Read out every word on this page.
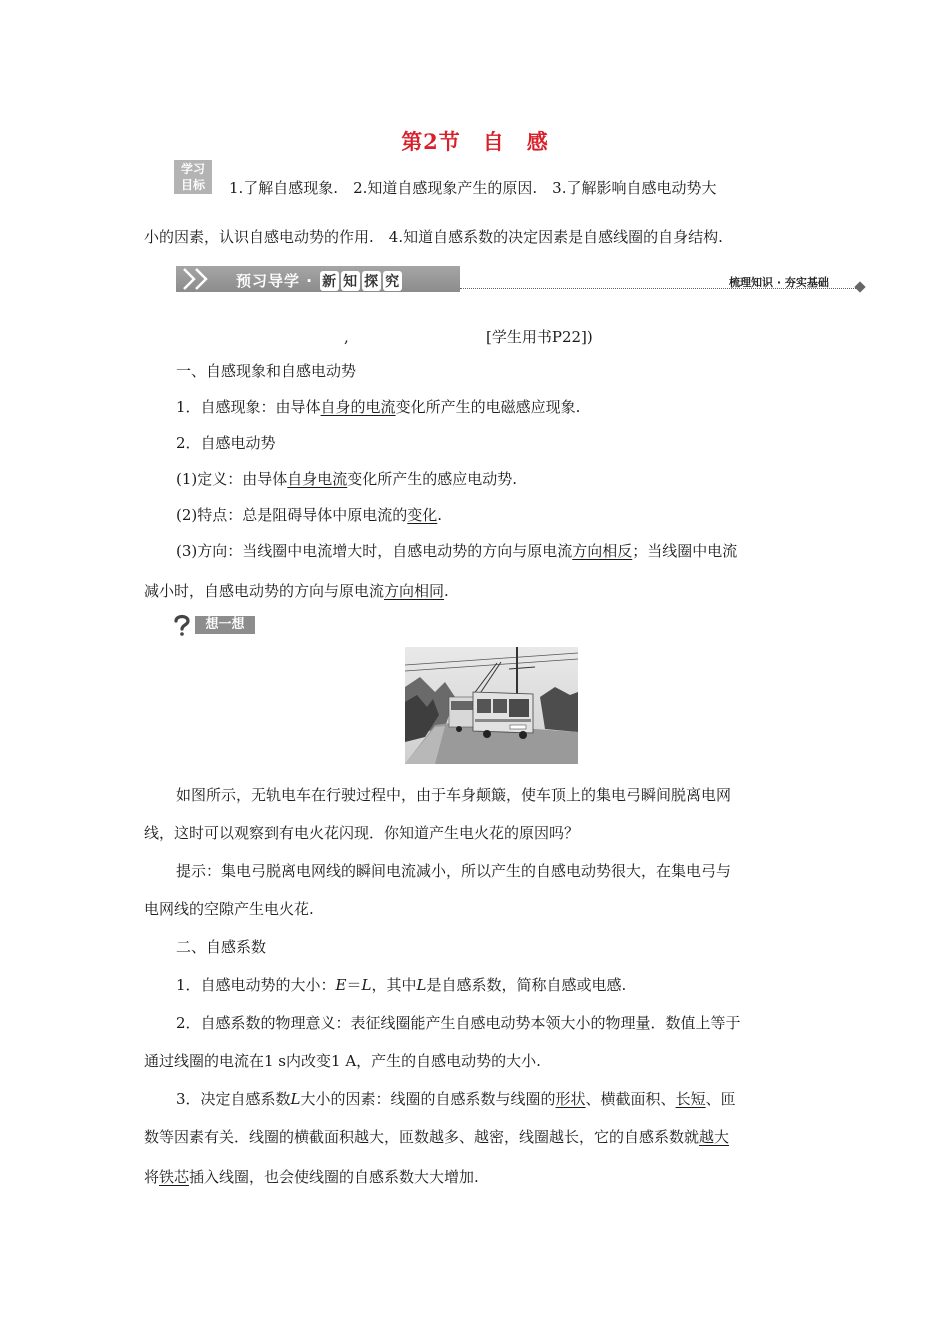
第2节　自　感
学习
目标	1.了解自感现象.　2.知道自感现象产生的原因.　3.了解影响自感电动势大
小的因素，认识自感电动势的作用.　4.知道自感系数的决定因素是自感线圈的自身结构.
预习导学 · 新 知 探 究	梳理知识 · 夯实基础
,	[学生用书P22])
一、自感现象和自感电动势
1．自感现象：由导体自身的电流变化所产生的电磁感应现象.
2．自感电动势
(1)定义：由导体自身电流变化所产生的感应电动势.
(2)特点：总是阻碍导体中原电流的变化.
(3)方向：当线圈中电流增大时，自感电动势的方向与原电流方向相反；当线圈中电流
减小时，自感电动势的方向与原电流方向相同.
想一想
如图所示，无轨电车在行驶过程中，由于车身颠簸，使车顶上的集电弓瞬间脱离电网
线，这时可以观察到有电火花闪现．你知道产生电火花的原因吗？
提示：集电弓脱离电网线的瞬间电流减小，所以产生的自感电动势很大，在集电弓与
电网线的空隙产生电火花.
二、自感系数
1．自感电动势的大小：E＝L，其中L是自感系数，简称自感或电感.
2．自感系数的物理意义：表征线圈能产生自感电动势本领大小的物理量．数值上等于
通过线圈的电流在1 s内改变1 A，产生的自感电动势的大小.
3．决定自感系数L大小的因素：线圈的自感系数与线圈的形状、横截面积、长短、匝
数等因素有关．线圈的横截面积越大，匝数越多、越密，线圈越长，它的自感系数就越大
将铁芯插入线圈，也会使线圈的自感系数大大增加.
